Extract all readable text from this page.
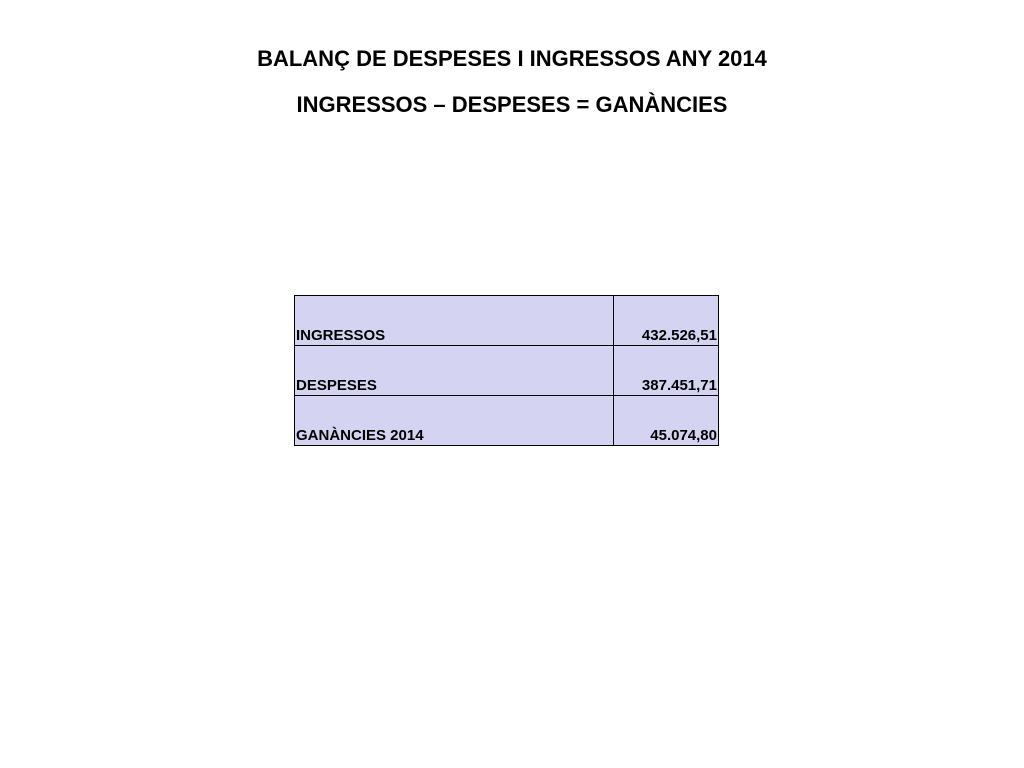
BALANÇ DE DESPESES I INGRESSOS ANY 2014
INGRESSOS – DESPESES = GANÀNCIES
INGRESSOS	432.526,51
DESPESES	387.451,71
GANÀNCIES 2014	45.074,80
